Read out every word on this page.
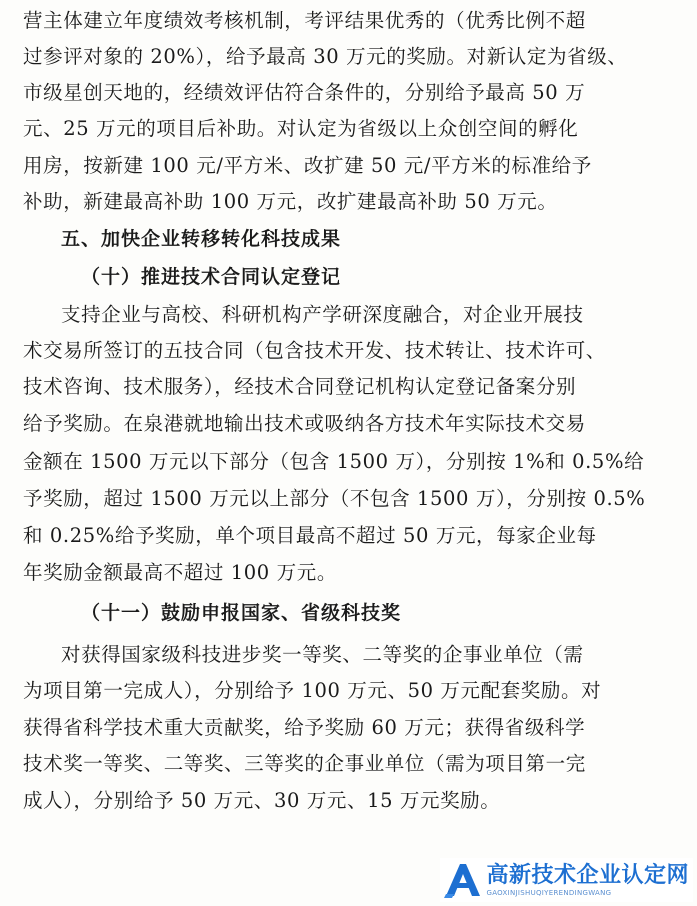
营主体建立年度绩效考核机制，考评结果优秀的（优秀比例不超
过参评对象的 20%），给予最高 30 万元的奖励。对新认定为省级、
市级星创天地的，经绩效评估符合条件的，分别给予最高 50 万
元、25 万元的项目后补助。对认定为省级以上众创空间的孵化
用房，按新建 100 元/平方米、改扩建 50 元/平方米的标准给予
补助，新建最高补助 100 万元，改扩建最高补助 50 万元。
五、加快企业转移转化科技成果
（十）推进技术合同认定登记
支持企业与高校、科研机构产学研深度融合，对企业开展技
术交易所签订的五技合同（包含技术开发、技术转让、技术许可、
技术咨询、技术服务），经技术合同登记机构认定登记备案分别
给予奖励。在泉港就地输出技术或吸纳各方技术年实际技术交易
金额在 1500 万元以下部分（包含 1500 万），分别按 1%和 0.5%给
予奖励，超过 1500 万元以上部分（不包含 1500 万），分别按 0.5%
和 0.25%给予奖励，单个项目最高不超过 50 万元，每家企业每
年奖励金额最高不超过 100 万元。
（十一）鼓励申报国家、省级科技奖
对获得国家级科技进步奖一等奖、二等奖的企事业单位（需
为项目第一完成人），分别给予 100 万元、50 万元配套奖励。对
获得省科学技术重大贡献奖，给予奖励 60 万元；获得省级科学
技术奖一等奖、二等奖、三等奖的企事业单位（需为项目第一完
成人），分别给予 50 万元、30 万元、15 万元奖励。
高新技术企业认定网
GAOXINJISHUQIYERENDINGWANG
